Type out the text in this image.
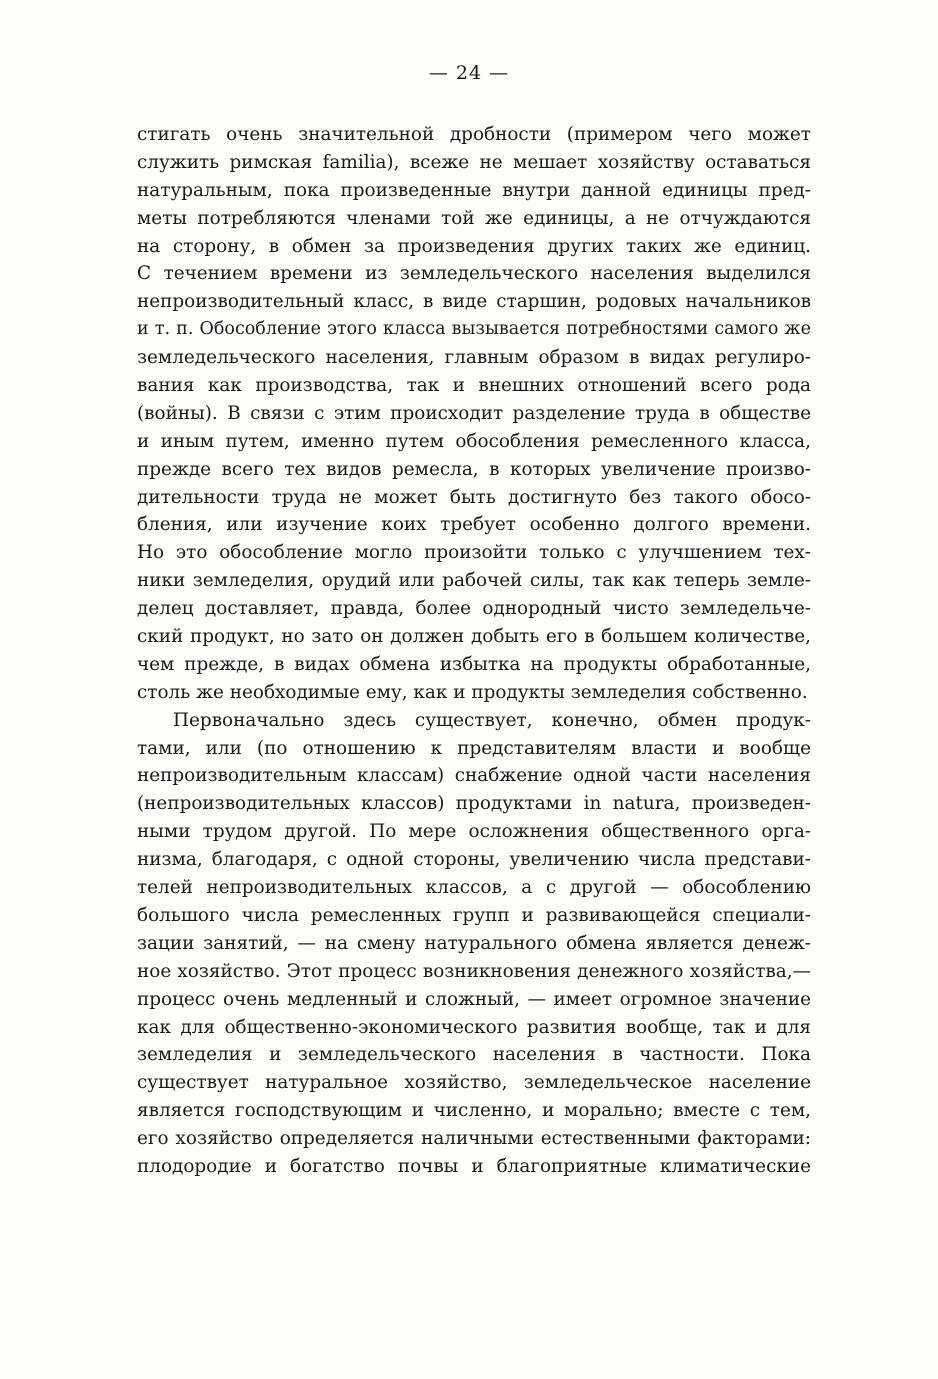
— 24 —
стигать очень значительной дробности (примером чего может
служить римская familia), всеже не мешает хозяйству оставаться
натуральным, пока произведенные внутри данной единицы пред-
меты потребляются членами той же единицы, а не отчуждаются
на сторону, в обмен за произведения других таких же единиц.
С течением времени из земледельческого населения выделился
непроизводительный класс, в виде старшин, родовых начальников
и т. п. Обособление этого класса вызывается потребностями самого же
земледельческого населения, главным образом в видах регулиро-
вания как производства, так и внешних отношений всего рода
(войны). В связи с этим происходит разделение труда в обществе
и иным путем, именно путем обособления ремесленного класса,
прежде всего тех видов ремесла, в которых увеличение произво-
дительности труда не может быть достигнуто без такого обосо-
бления, или изучение коих требует особенно долгого времени.
Но это обособление могло произойти только с улучшением тех-
ники земледелия, орудий или рабочей силы, так как теперь земле-
делец доставляет, правда, более однородный чисто земледельче-
ский продукт, но зато он должен добыть его в большем количестве,
чем прежде, в видах обмена избытка на продукты обработанные,
столь же необходимые ему, как и продукты земледелия собственно.
Первоначально здесь существует, конечно, обмен продук-
тами, или (по отношению к представителям власти и вообще
непроизводительным классам) снабжение одной части населения
(непроизводительных классов) продуктами in natura, произведен-
ными трудом другой. По мере осложнения общественного орга-
низма, благодаря, с одной стороны, увеличению числа представи-
телей непроизводительных классов, а с другой — обособлению
большого числа ремесленных групп и развивающейся специали-
зации занятий, — на смену натурального обмена является денеж-
ное хозяйство. Этот процесс возникновения денежного хозяйства,—
процесс очень медленный и сложный, — имеет огромное значение
как для общественно-экономического развития вообще, так и для
земледелия и земледельческого населения в частности. Пока
существует натуральное хозяйство, земледельческое население
является господствующим и численно, и морально; вместе с тем,
его хозяйство определяется наличными естественными факторами:
плодородие и богатство почвы и благоприятные климатические
